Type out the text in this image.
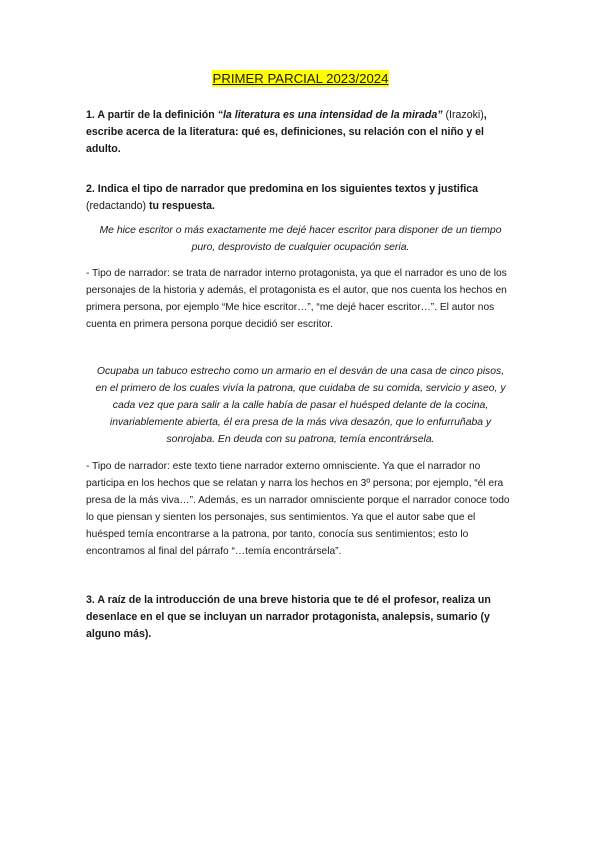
PRIMER PARCIAL 2023/2024

1. A partir de la definición “la literatura es una intensidad de la mirada” (Irazoki), escribe acerca de la literatura: qué es, definiciones, su relación con el niño y el adulto.

2. Indica el tipo de narrador que predomina en los siguientes textos y justifica (redactando) tu respuesta.

Me hice escritor o más exactamente me dejé hacer escritor para disponer de un tiempo puro, desprovisto de cualquier ocupación seria.

- Tipo de narrador: se trata de narrador interno protagonista, ya que el narrador es uno de los personajes de la historia y además, el protagonista es el autor, que nos cuenta los hechos en primera persona, por ejemplo “Me hice escritor…”, “me dejé hacer escritor…”. El autor nos cuenta en primera persona porque decidió ser escritor.

Ocupaba un tabuco estrecho como un armario en el desván de una casa de cinco pisos, en el primero de los cuales vivía la patrona, que cuidaba de su comida, servicio y aseo, y cada vez que para salir a la calle había de pasar el huésped delante de la cocina, invariablemente abierta, él era presa de la más viva desazón, que lo enfurruñaba y sonrojaba. En deuda con su patrona, temía encontrársela.

- Tipo de narrador: este texto tiene narrador externo omnisciente. Ya que el narrador no participa en los hechos que se relatan y narra los hechos en 3º persona; por ejemplo, “él era presa de la más viva…”. Además, es un narrador omnisciente porque el narrador conoce todo lo que piensan y sienten los personajes, sus sentimientos. Ya que el autor sabe que el huésped temía encontrarse a la patrona, por tanto, conocía sus sentimientos; esto lo encontramos al final del párrafo “…temía encontrársela”.

3. A raíz de la introducción de una breve historia que te dé el profesor, realiza un desenlace en el que se incluyan un narrador protagonista, analepsis, sumario (y alguno más).
